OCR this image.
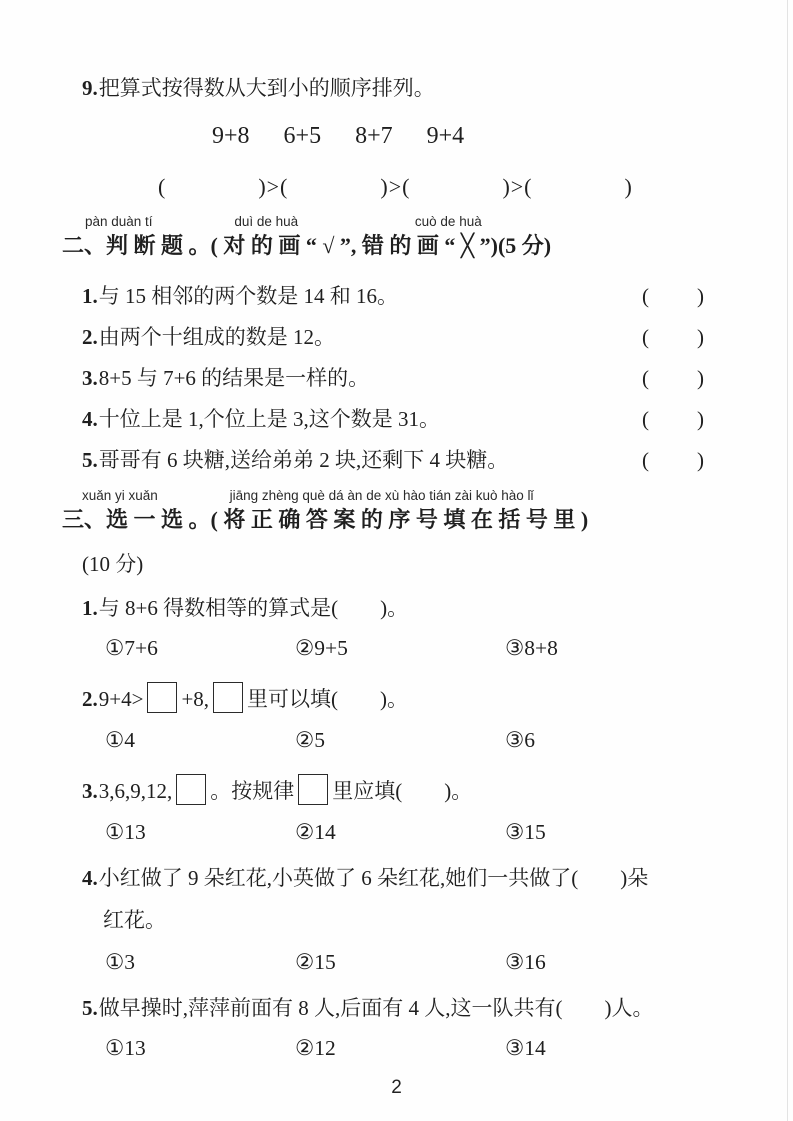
9.把算式按得数从大到小的顺序排列。
9+8 6+5 8+7 9+4
(　　　　)>(　　　　)>(　　　　)>(　　　　)
pàn duàn tí	duì de huà	cuò de huà
二、判 断 题 。( 对 的 画 “ √ ”, 错 的 画 “ ╳ ”)(5 分)
1.与 15 相邻的两个数是 14 和 16。	(　　)
2.由两个十组成的数是 12。	(　　)
3.8+5 与 7+6 的结果是一样的。	(　　)
4.十位上是 1,个位上是 3,这个数是 31。	(　　)
5.哥哥有 6 块糖,送给弟弟 2 块,还剩下 4 块糖。	(　　)
xuǎn yi xuǎn	jiāng zhèng què dá àn de xù hào tián zài kuò hào lǐ
三、选 一 选 。( 将 正 确 答 案 的 序 号 填 在 括 号 里 )
(10 分)
1.与 8+6 得数相等的算式是(　　)。
①7+6	②9+5	③8+8
2.9+4> +8, 里可以填(　　)。
①4	②5	③6
3.3,6,9,12, 。按规律 里应填(　　)。
①13	②14	③15
4.小红做了 9 朵红花,小英做了 6 朵红花,她们一共做了(　　)朵
红花。
①3	②15	③16
5.做早操时,萍萍前面有 8 人,后面有 4 人,这一队共有(　　)人。
①13	②12	③14
2
